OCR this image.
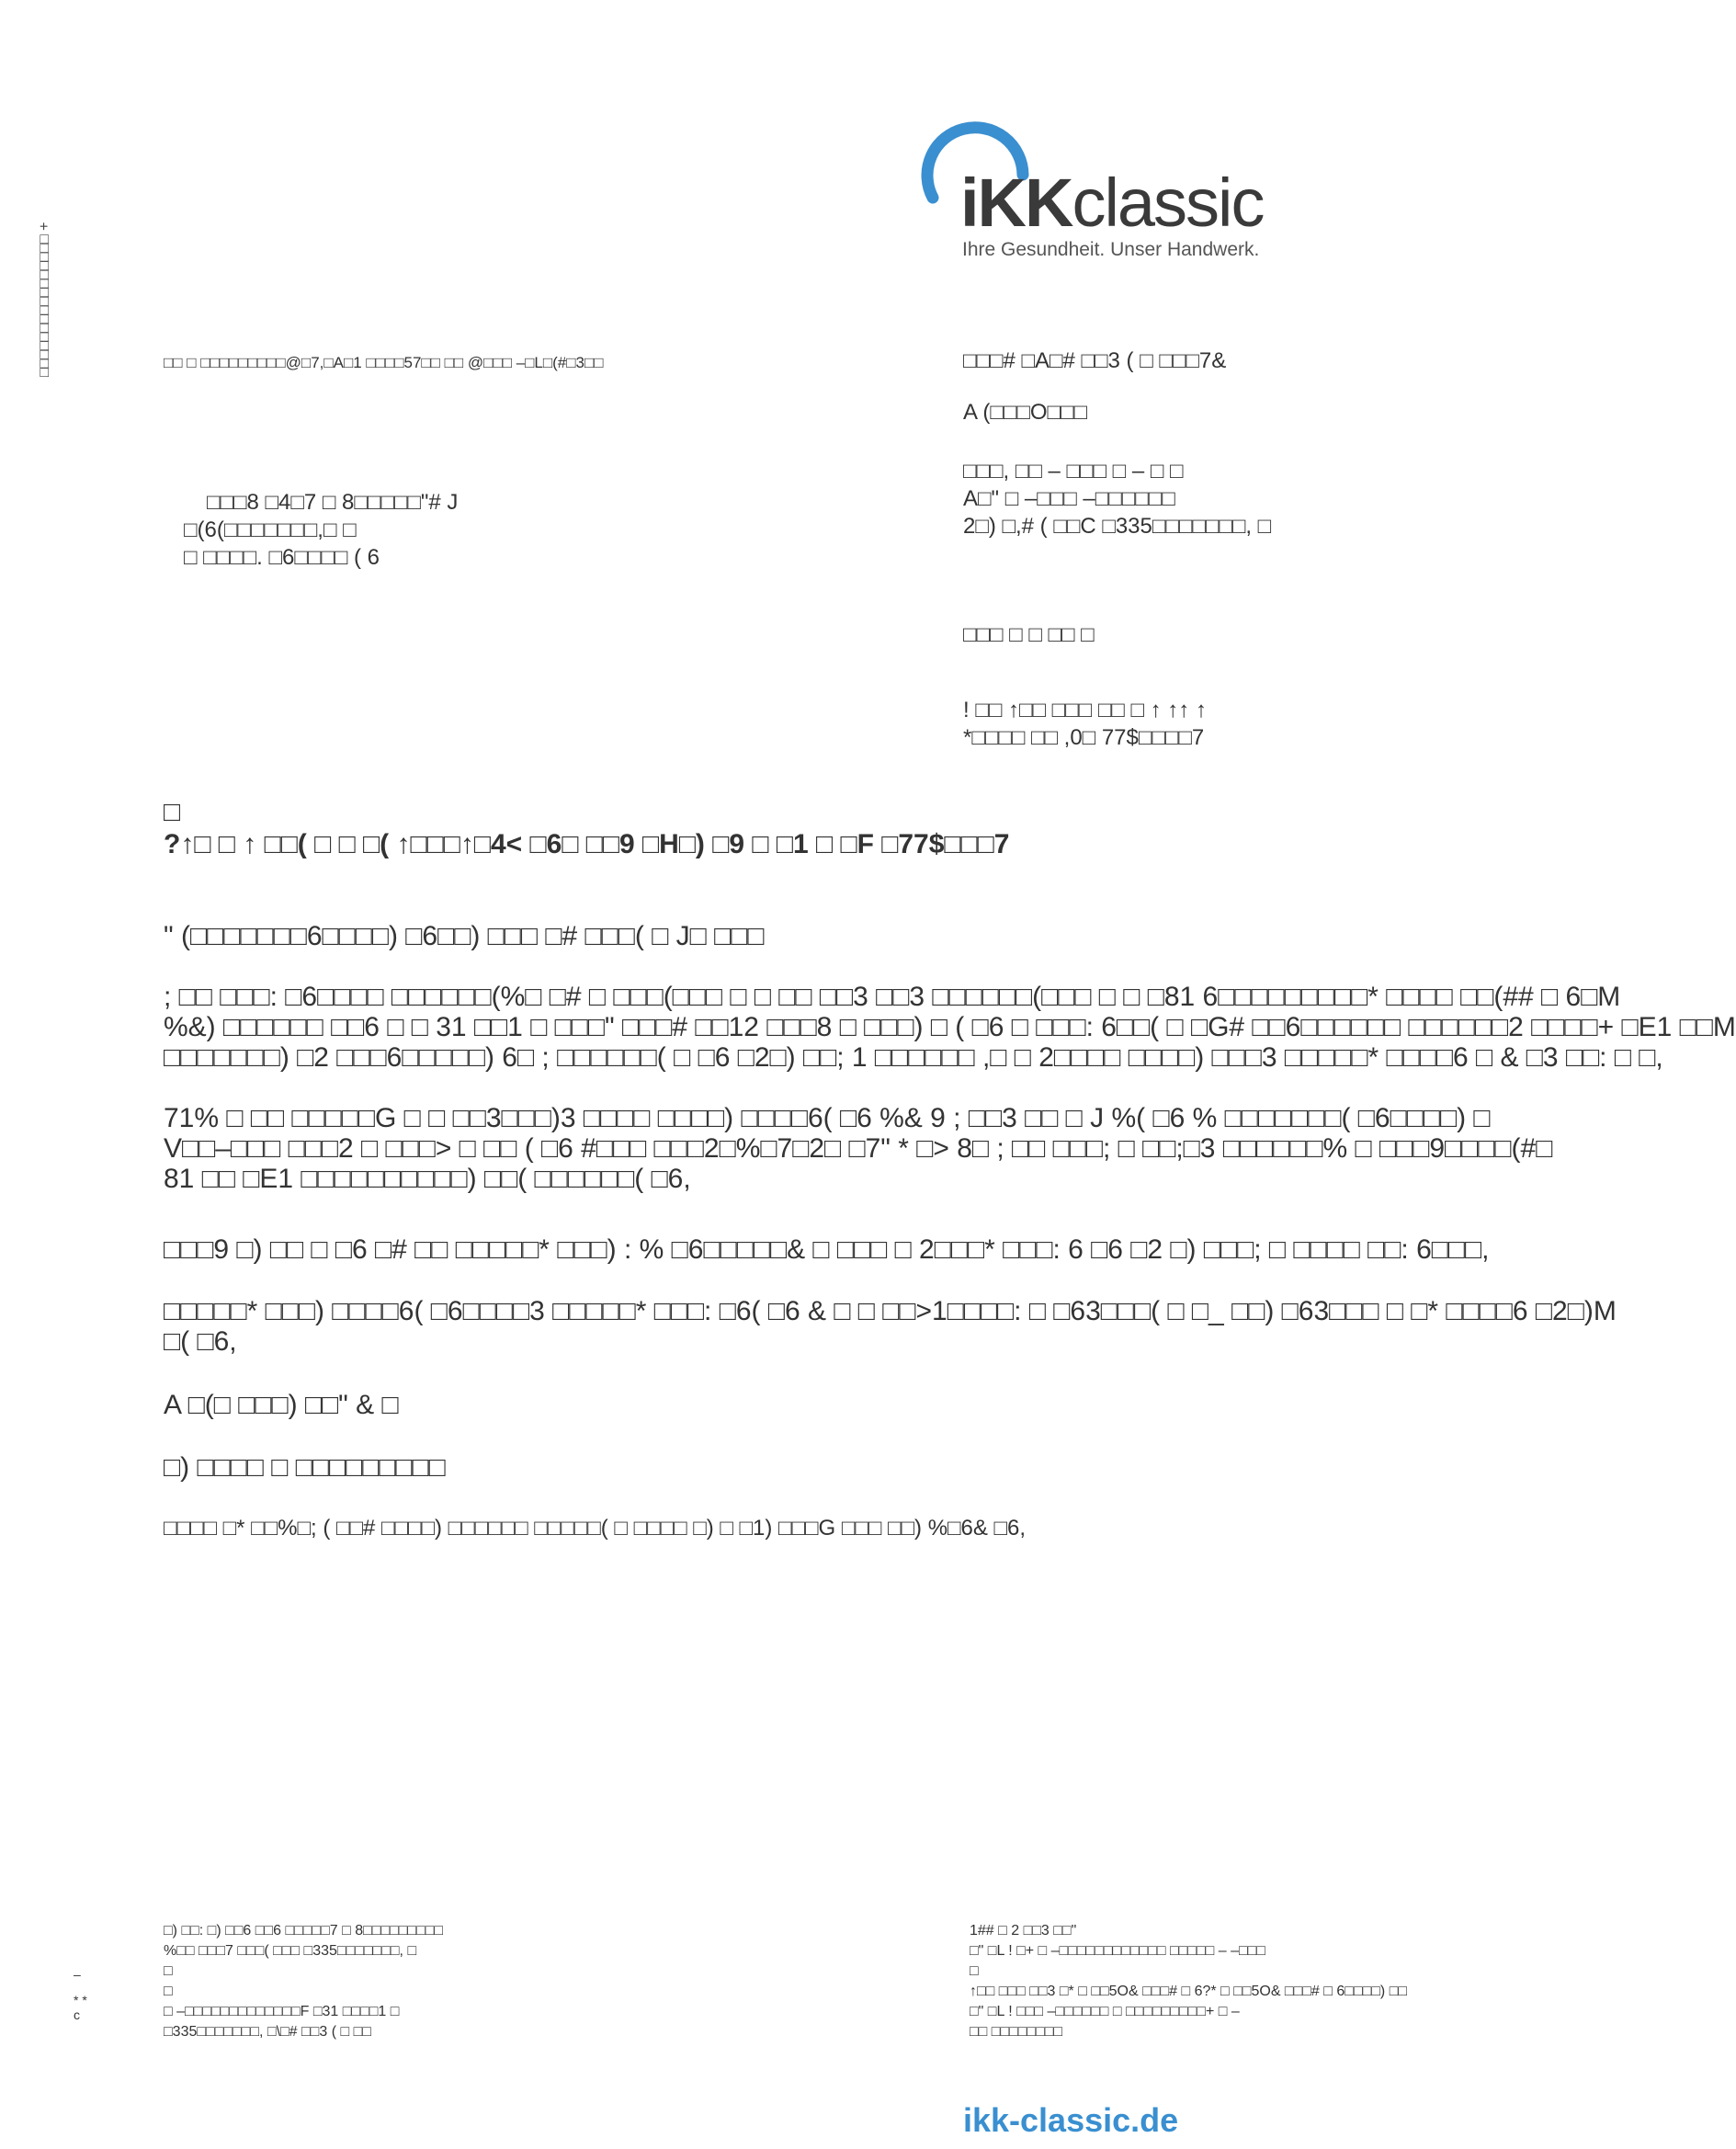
□□□□□□□□□□□□□□□□ +
iKKclassic
Ihre Gesundheit. Unser Handwerk.
□□ □ □□□□□□□□□@□7,□A□1 □□□□57□□ □□ @□□□ –□L□(#□3□□
□□□8 □4□7 □ 8□□□□□"# J
□(6(□□□□□□□,□ □
□ □□□□. □6□□□□ ( 6
□□□# □A□# □□3 ( □ □□□7&
A (□□□O□□□
□□□, □□ – □□□ □ – □ □
A□" □ –□□□ –□□□□□□
2□) □,# ( □□C □335□□□□□□□, □
□□□ □ □ □□ □
! □□ ↑□□ □□□ □□ □ ↑ ↑↑ ↑
*□□□□ □□ ,0□ 77$□□□□7
□
?↑□ □ ↑ □□( □ □ □( ↑□□□↑□4< □6□ □□9 □H□) □9 □ □1 □ □F □77$□□□7
" (□□□□□□□6□□□□) □6□□) □□□ □# □□□( □ J□ □□□
; □□ □□□: □6□□□□ □□□□□□(%□ □# □ □□□(□□□ □ □ □□ □□3 □□3 □□□□□□(□□□ □ □ □81 6□□□□□□□□□* □□□□ □□(## □ 6□M
%&) □□□□□□ □□6 □ □ 31 □□1 □ □□□" □□□# □□12 □□□8 □ □□□) □ ( □6 □ □□□: 6□□( □ □G# □□6□□□□□□ □□□□□□2 □□□□+ □E1 □□M
□□□□□□□) □2 □□□6□□□□□) 6□ ; □□□□□□( □ □6 □2□) □□; 1 □□□□□□ ,□ □ 2□□□□ □□□□) □□□3 □□□□□* □□□□6 □ & □3 □□: □ □,
71% □ □□ □□□□□G □ □ □□3□□□)3 □□□□ □□□□) □□□□6( □6 %& 9 ; □□3 □□ □ J %( □6 % □□□□□□□( □6□□□□) □
V□□–□□□ □□□2 □ □□□> □ □□ ( □6 #□□□ □□□2□%□7□2□ □7" * □> 8□ ; □□ □□□; □ □□;□3 □□□□□□% □ □□□9□□□□(#□
81 □□ □E1 □□□□□□□□□□) □□( □□□□□□( □6,
□□□9 □) □□ □ □6 □# □□ □□□□□* □□□) : % □6□□□□□& □ □□□ □ 2□□□* □□□: 6 □6 □2 □) □□□; □ □□□□ □□: 6□□□,
□□□□□* □□□) □□□□6( □6□□□□3 □□□□□* □□□: □6( □6 & □ □ □□>1□□□□: □ □63□□□( □ □_ □□) □63□□□ □ □* □□□□6 □2□)M
□( □6,
A □(□ □□□) □□" & □
□) □□□□ □ □□□□□□□□□
□□□□ □* □□%□; ( □□# □□□□) □□□□□□ □□□□□( □ □□□□ □) □ □1) □□□G □□□ □□) %□6& □6,
–
* *
c
□) □□: □) □□6 □□6 □□□□□7 □ 8□□□□□□□□□
%□□ □□□7 □□□( □□□ □335□□□□□□□, □
□
□
□ –□□□□□□□□□□□□□F □31 □□□□1 □
□335□□□□□□□, □\□# □□3 ( □ □□
1## □ 2 □□3 □□"
□" □L ! □+ □ –□□□□□□□□□□□□ □□□□□ – –□□□
□
↑□□ □□□ □□3 □* □ □□5O& □□□# □ 6?* □ □□5O& □□□# □ 6□□□□) □□
□" □L ! □□□ –□□□□□□ □ □□□□□□□□□+ □ –
□□ □□□□□□□□
ikk-classic.de
